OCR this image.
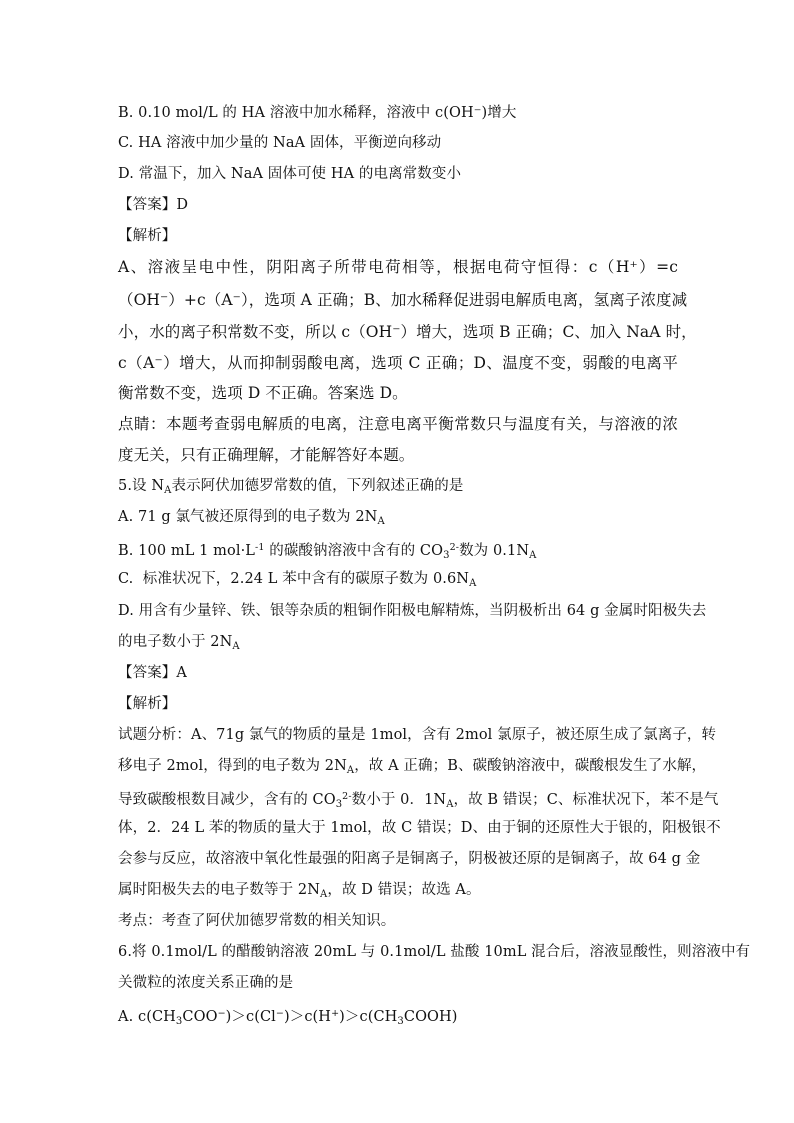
B. 0.10 mol/L 的 HA 溶液中加水稀释，溶液中 c(OH⁻)增大
C. HA 溶液中加少量的 NaA 固体，平衡逆向移动
D. 常温下，加入 NaA 固体可使 HA 的电离常数变小
【答案】D
【解析】
A、溶液呈电中性，阴阳离子所带电荷相等，根据电荷守恒得：c（H⁺）=c
（OH⁻）+c（A⁻），选项 A 正确；B、加水稀释促进弱电解质电离，氢离子浓度减
小，水的离子积常数不变，所以 c（OH⁻）增大，选项 B 正确；C、加入 NaA 时，
c（A⁻）增大，从而抑制弱酸电离，选项 C 正确；D、温度不变，弱酸的电离平
衡常数不变，选项 D 不正确。答案选 D。
点睛：本题考查弱电解质的电离，注意电离平衡常数只与温度有关，与溶液的浓
度无关，只有正确理解，才能解答好本题。
5.设 $N_A$表示阿伏加德罗常数的值，下列叙述正确的是
A. 71 g 氯气被还原得到的电子数为 $2N_A$
B. 100 mL 1 $mol\cdot L^{-1}$ 的碳酸钠溶液中含有的 $CO_3^{2-}$数为 $0.1N_A$
C.  标准状况下，2.24 L 苯中含有的碳原子数为 $0.6N_A$
D. 用含有少量锌、铁、银等杂质的粗铜作阳极电解精炼，当阴极析出 64 g 金属时阳极失去
的电子数小于 $2N_A$
【答案】A
【解析】
试题分析：A、71g 氯气的物质的量是 1mol，含有 2mol 氯原子，被还原生成了氯离子，转
移电子 2mol，得到的电子数为 $2N_A$，故 A 正确；B、碳酸钠溶液中，碳酸根发生了水解，
导致碳酸根数目减少，含有的 $CO_3^{2-}$数小于 0．$1N_A$，故 B 错误；C、标准状况下，苯不是气
体，2．24 L 苯的物质的量大于 1mol，故 C 错误；D、由于铜的还原性大于银的，阳极银不
会参与反应，故溶液中氧化性最强的阳离子是铜离子，阴极被还原的是铜离子，故 64 g 金
属时阳极失去的电子数等于 $2N_A$，故 D 错误；故选 A。
考点：考查了阿伏加德罗常数的相关知识。
6.将 0.1mol/L 的醋酸钠溶液 20mL 与 0.1mol/L 盐酸 10mL 混合后，溶液显酸性，则溶液中有
关微粒的浓度关系正确的是
A. $c(CH_3COO^-)>c(Cl^-)>c(H^+)>c(CH_3COOH)$
